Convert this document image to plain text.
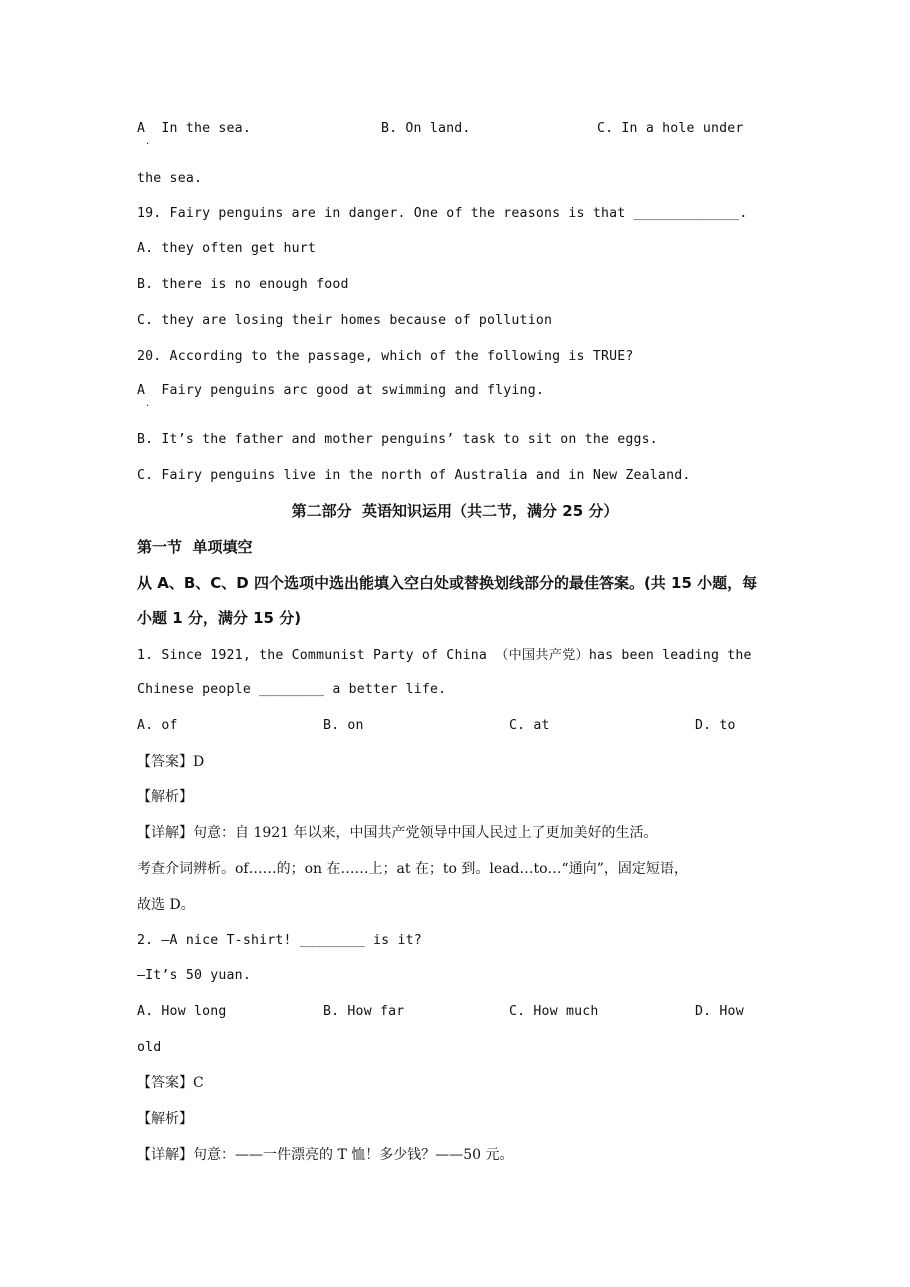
A  In the sea.
·
B. On land.	C. In a hole under
the sea.
19. Fairy penguins are in danger. One of the reasons is that _____________.
A. they often get hurt
B. there is no enough food
C. they are losing their homes because of pollution
20. According to the passage, which of the following is TRUE?
A  Fairy penguins arc good at swimming and flying.
·
B. It’s the father and mother penguins’ task to sit on the eggs.
C. Fairy penguins live in the north of Australia and in New Zealand.
第二部分  英语知识运用（共二节，满分 25 分）
第一节  单项填空
从 A、B、C、D 四个选项中选出能填入空白处或替换划线部分的最佳答案。(共 15 小题，每
小题 1 分，满分 15 分)
1. Since 1921, the Communist Party of China （中国共产党）has been leading the
Chinese people ________ a better life.
A. of	B. on	C. at	D. to
【答案】D
【解析】
【详解】句意：自 1921 年以来，中国共产党领导中国人民过上了更加美好的生活。
考查介词辨析。of……的；on 在……上；at 在；to 到。lead…to…“通向”，固定短语，
故选 D。
2. —A nice T-shirt! ________ is it?
—It’s 50 yuan.
A. How long	B. How far	C. How much	D. How
old
【答案】C
【解析】
【详解】句意：——一件漂亮的 T 恤！多少钱？——50 元。
